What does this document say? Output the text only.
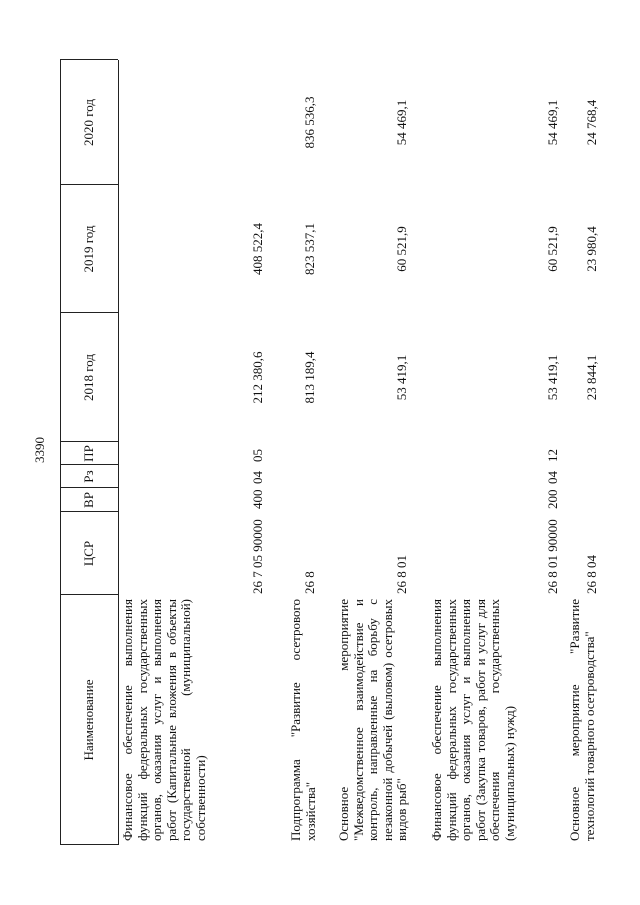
3390
Наименование
ЦСР
ВР
Рз
ПР
2018 год
2019 год
2020 год
Финансовое обеспечение выполнения функций федеральных государственных органов, оказания услуг и выполнения работ (Капитальные вложения в объекты государственной (муниципальной) собственности)
26 7 05 90000
400
04
05
212 380,6
408 522,4
Подпрограмма "Развитие осетрового хозяйства"
26 8
813 189,4
823 537,1
836 536,3
Основное мероприятие "Межведомственное взаимодействие и контроль, направленные на борьбу с незаконной добычей (выловом) осетровых видов рыб"
26 8 01
53 419,1
60 521,9
54 469,1
Финансовое обеспечение выполнения функций федеральных государственных органов, оказания услуг и выполнения работ (Закупка товаров, работ и услуг для обеспечения государственных (муниципальных) нужд)
26 8 01 90000
200
04
12
53 419,1
60 521,9
54 469,1
Основное мероприятие "Развитие технологий товарного осетроводства"
26 8 04
23 844,1
23 980,4
24 768,4
